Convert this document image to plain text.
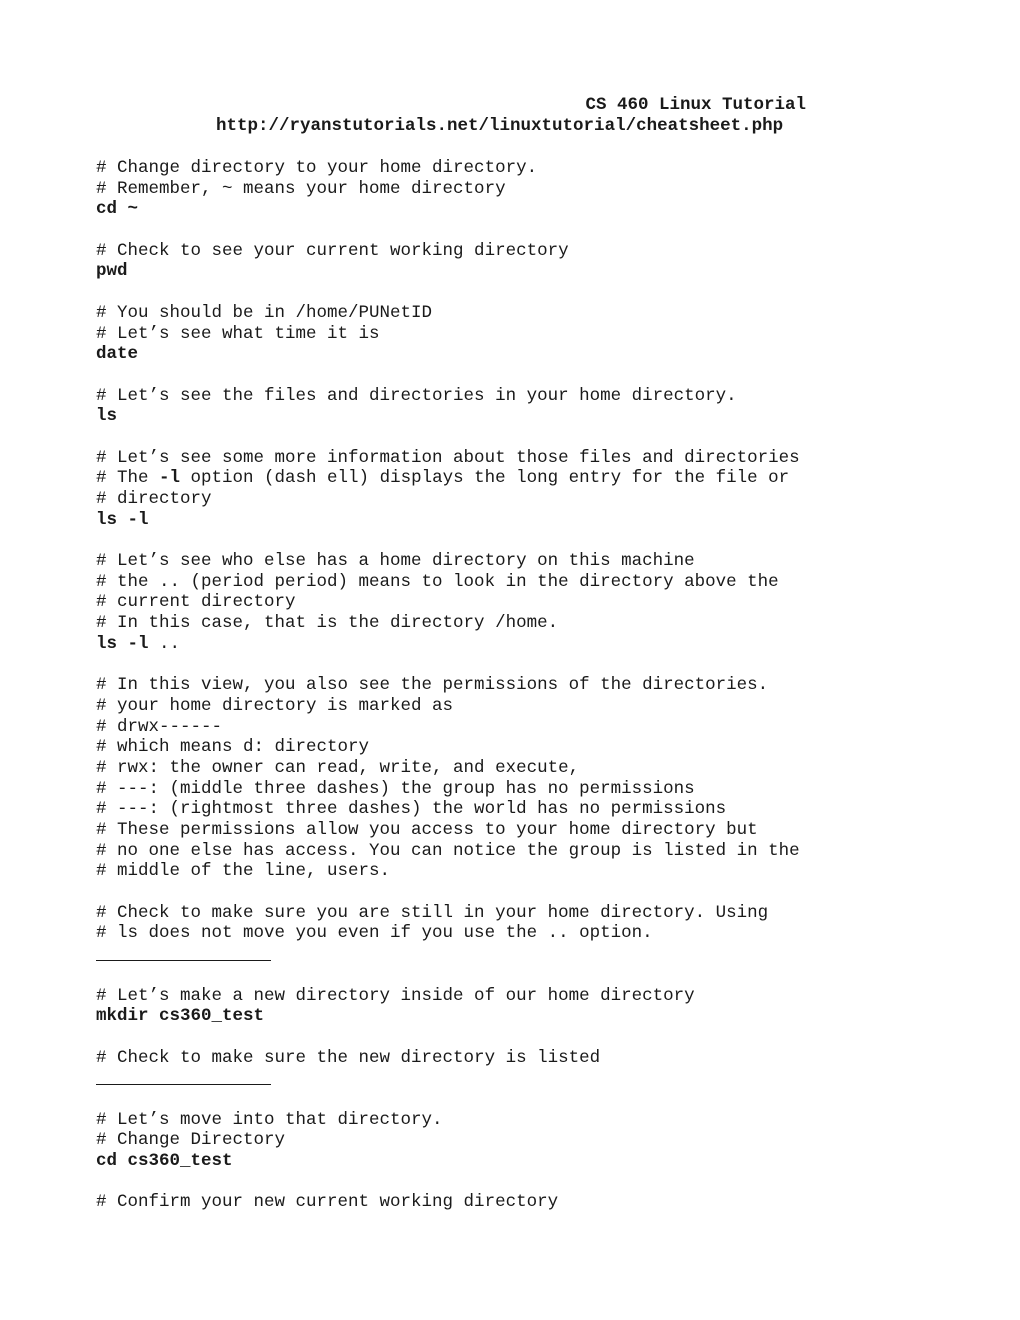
CS 460 Linux Tutorial
http://ryanstutorials.net/linuxtutorial/cheatsheet.php
# Change directory to your home directory.
# Remember, ~ means your home directory
cd ~
# Check to see your current working directory
pwd
# You should be in /home/PUNetID
# Let’s see what time it is
date
# Let’s see the files and directories in your home directory.
ls
# Let’s see some more information about those files and directories
# The -l option (dash ell) displays the long entry for the file or
# directory
ls -l
# Let’s see who else has a home directory on this machine
# the .. (period period) means to look in the directory above the
# current directory
# In this case, that is the directory /home.
ls -l ..
# In this view, you also see the permissions of the directories.
# your home directory is marked as
# drwx------
# which means d: directory
# rwx: the owner can read, write, and execute,
# ---: (middle three dashes) the group has no permissions
# ---: (rightmost three dashes) the world has no permissions
# These permissions allow you access to your home directory but
# no one else has access. You can notice the group is listed in the
# middle of the line, users.
# Check to make sure you are still in your home directory. Using
# ls does not move you even if you use the .. option.
# Let’s make a new directory inside of our home directory
mkdir cs360_test
# Check to make sure the new directory is listed
# Let’s move into that directory.
# Change Directory
cd cs360_test
# Confirm your new current working directory
